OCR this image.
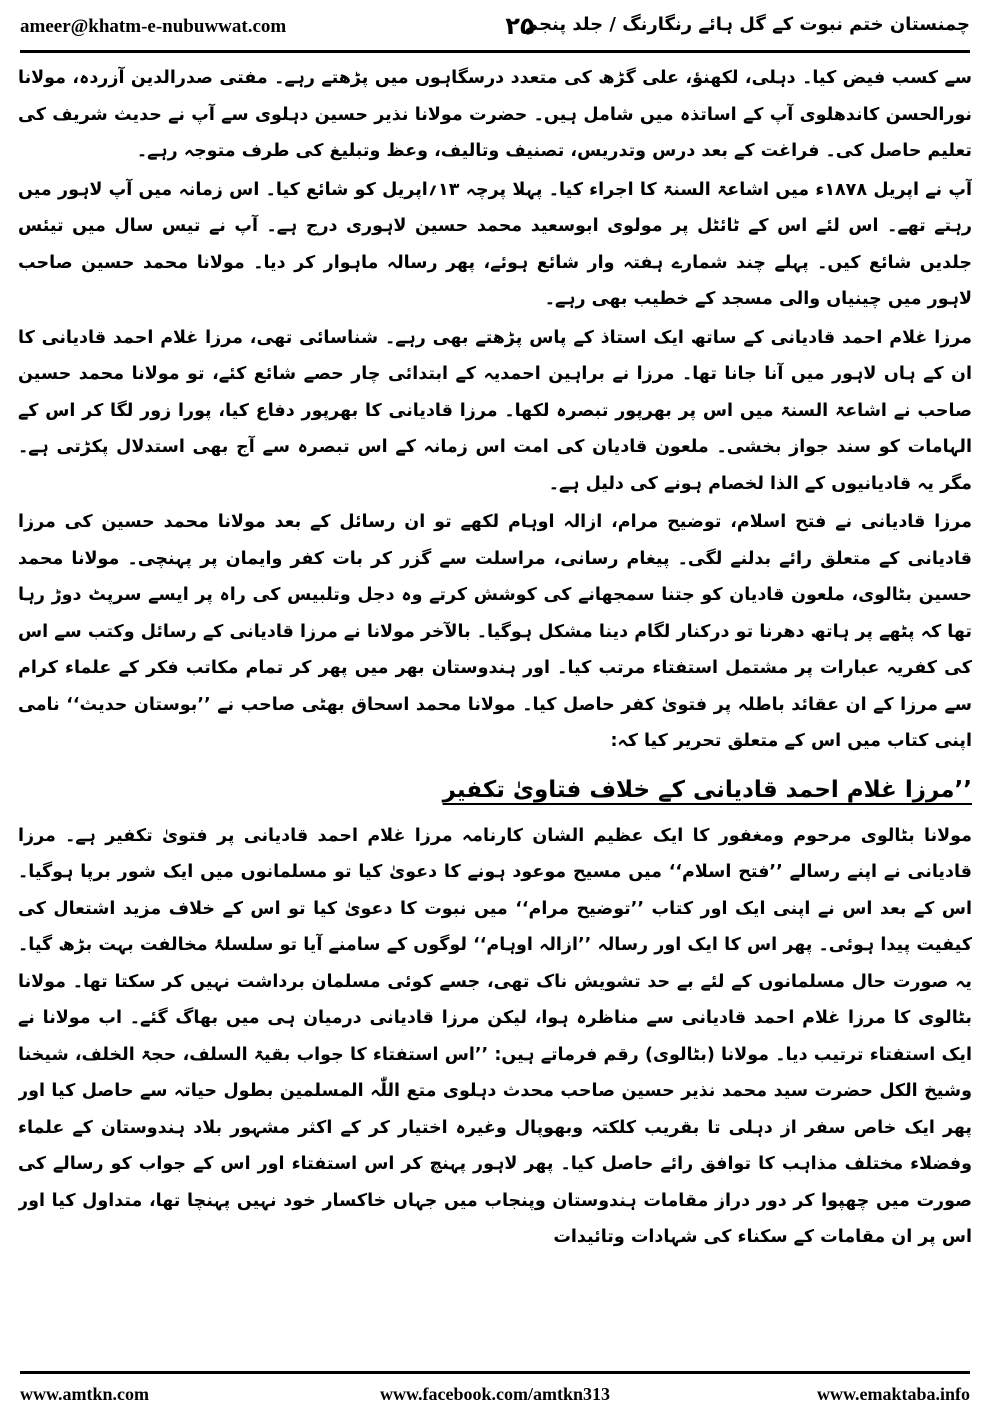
ameer@khatm-e-nubuwwat.com	۲۵
چمنستان ختم نبوت کے گل ہائے رنگارنگ / جلد پنجم

سے کسب فیض کیا۔ دہلی، لکھنؤ، علی گڑھ کی متعدد درسگاہوں میں پڑھتے رہے۔ مفتی صدرالدین آزردہ، مولانا نورالحسن کاندھلوی آپ کے اساتذہ میں شامل ہیں۔ حضرت مولانا نذیر حسین دہلوی سے آپ نے حدیث شریف کی تعلیم حاصل کی۔ فراغت کے بعد درس وتدریس، تصنیف وتالیف، وعظ وتبلیغ کی طرف متوجہ رہے۔

آپ نے اپریل ۱۸۷۸ء میں اشاعۃ السنۃ کا اجراء کیا۔ پہلا پرچہ ۱۳؍اپریل کو شائع کیا۔ اس زمانہ میں آپ لاہور میں رہتے تھے۔ اس لئے اس کے ٹائٹل پر مولوی ابوسعید محمد حسین لاہوری درج ہے۔ آپ نے تیس سال میں تیئس جلدیں شائع کیں۔ پہلے چند شمارے ہفتہ وار شائع ہوئے، پھر رسالہ ماہوار کر دیا۔ مولانا محمد حسین صاحب لاہور میں چینیاں والی مسجد کے خطیب بھی رہے۔

مرزا غلام احمد قادیانی کے ساتھ ایک استاذ کے پاس پڑھتے بھی رہے۔ شناسائی تھی، مرزا غلام احمد قادیانی کا ان کے ہاں لاہور میں آنا جانا تھا۔ مرزا نے براہین احمدیہ کے ابتدائی چار حصے شائع کئے، تو مولانا محمد حسین صاحب نے اشاعۃ السنۃ میں اس پر بھرپور تبصرہ لکھا۔ مرزا قادیانی کا بھرپور دفاع کیا، پورا زور لگا کر اس کے الہامات کو سند جواز بخشی۔ ملعون قادیان کی امت اس زمانہ کے اس تبصرہ سے آج بھی استدلال پکڑتی ہے۔ مگر یہ قادیانیوں کے الذا لخصام ہونے کی دلیل ہے۔

مرزا قادیانی نے فتح اسلام، توضیح مرام، ازالہ اوہام لکھے تو ان رسائل کے بعد مولانا محمد حسین کی مرزا قادیانی کے متعلق رائے بدلنے لگی۔ پیغام رسانی، مراسلت سے گزر کر بات کفر وایمان پر پہنچی۔ مولانا محمد حسین بٹالوی، ملعون قادیان کو جتنا سمجھانے کی کوشش کرتے وہ دجل وتلبیس کی راہ پر ایسے سرپٹ دوڑ رہا تھا کہ پٹھے پر ہاتھ دھرنا تو درکنار لگام دینا مشکل ہوگیا۔ بالآخر مولانا نے مرزا قادیانی کے رسائل وکتب سے اس کی کفریہ عبارات پر مشتمل استفتاء مرتب کیا۔ اور ہندوستان بھر میں پھر کر تمام مکاتب فکر کے علماء کرام سے مرزا کے ان عقائد باطلہ پر فتویٰ کفر حاصل کیا۔ مولانا محمد اسحاق بھٹی صاحب نے ’’بوستان حدیث‘‘ نامی اپنی کتاب میں اس کے متعلق تحریر کیا کہ:

’’مرزا غلام احمد قادیانی کے خلاف فتاویٰ تکفیر

مولانا بٹالوی مرحوم ومغفور کا ایک عظیم الشان کارنامہ مرزا غلام احمد قادیانی پر فتویٰ تکفیر ہے۔ مرزا قادیانی نے اپنے رسالے ’’فتح اسلام‘‘ میں مسیح موعود ہونے کا دعویٰ کیا تو مسلمانوں میں ایک شور برپا ہوگیا۔ اس کے بعد اس نے اپنی ایک اور کتاب ’’توضیح مرام‘‘ میں نبوت کا دعویٰ کیا تو اس کے خلاف مزید اشتعال کی کیفیت پیدا ہوئی۔ پھر اس کا ایک اور رسالہ ’’ازالہ اوہام‘‘ لوگوں کے سامنے آیا تو سلسلۂ مخالفت بہت بڑھ گیا۔ یہ صورت حال مسلمانوں کے لئے بے حد تشویش ناک تھی، جسے کوئی مسلمان برداشت نہیں کر سکتا تھا۔ مولانا بٹالوی کا مرزا غلام احمد قادیانی سے مناظرہ ہوا، لیکن مرزا قادیانی درمیان ہی میں بھاگ گئے۔ اب مولانا نے ایک استفتاء ترتیب دیا۔ مولانا (بٹالوی) رقم فرماتے ہیں: ’’اس استفتاء کا جواب بقیۃ السلف، حجۃ الخلف، شیخنا وشیخ الکل حضرت سید محمد نذیر حسین صاحب محدث دہلوی متع اللّٰہ المسلمین بطول حیاتہ سے حاصل کیا اور پھر ایک خاص سفر از دہلی تا بقریب کلکتہ وبھوپال وغیرہ اختیار کر کے اکثر مشہور بلاد ہندوستان کے علماء وفضلاء مختلف مذاہب کا توافق رائے حاصل کیا۔ پھر لاہور پہنچ کر اس استفتاء اور اس کے جواب کو رسالے کی صورت میں چھپوا کر دور دراز مقامات ہندوستان وپنجاب میں جہاں خاکسار خود نہیں پہنچا تھا، متداول کیا اور اس پر ان مقامات کے سکناء کی شہادات وتائیدات

www.amtkn.com	www.facebook.com/amtkn313	www.emaktaba.info
